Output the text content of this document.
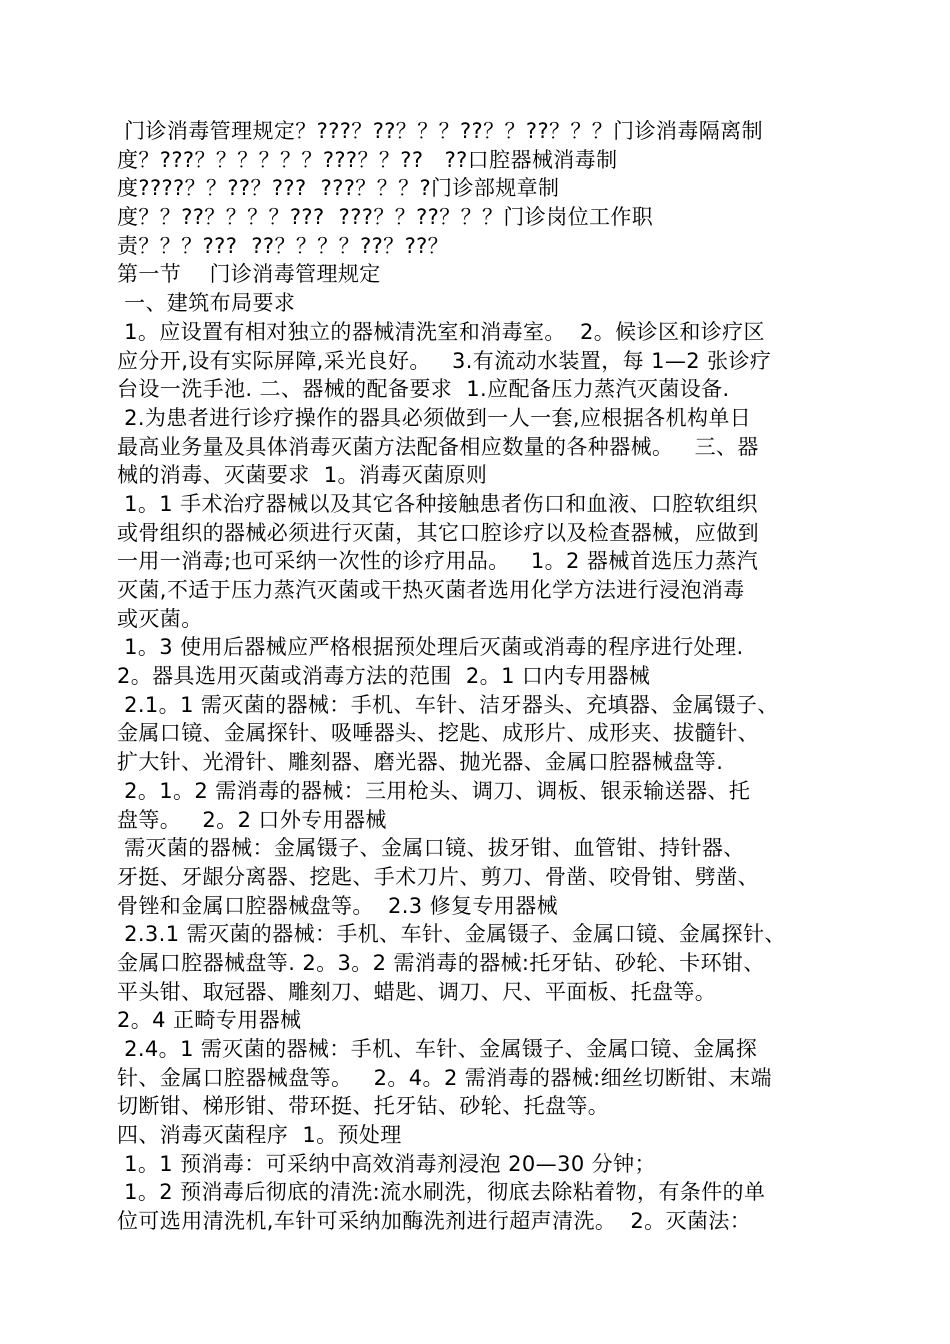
门诊消毒管理规定？???？??？？？??？？??？？？门诊消毒隔离制
度？???？？？？？？???？？??   ??口腔器械消毒制
度????？？??？???  ???？？？?门诊部规章制
度？？??？？？？???  ???？？??？？？门诊岗位工作职
责？？？???  ??？？？？??？??？
第一节    门诊消毒管理规定
一、建筑布局要求
1。应设置有相对独立的器械清洗室和消毒室。  2。候诊区和诊疗区
应分开,设有实际屏障,采光良好。   3.有流动水装置，每 1—2 张诊疗
台设一洗手池. 二、器械的配备要求  1.应配备压力蒸汽灭菌设备.
2.为患者进行诊疗操作的器具必须做到一人一套,应根据各机构单日
最高业务量及具体消毒灭菌方法配备相应数量的各种器械。   三、器
械的消毒、灭菌要求  1。消毒灭菌原则
1。1 手术治疗器械以及其它各种接触患者伤口和血液、口腔软组织
或骨组织的器械必须进行灭菌，其它口腔诊疗以及检查器械，应做到
一用一消毒;也可采纳一次性的诊疗用品。   1。2 器械首选压力蒸汽
灭菌,不适于压力蒸汽灭菌或干热灭菌者选用化学方法进行浸泡消毒
或灭菌。
1。3 使用后器械应严格根据预处理后灭菌或消毒的程序进行处理.
2。器具选用灭菌或消毒方法的范围  2。1 口内专用器械
2.1。1 需灭菌的器械：手机、车针、洁牙器头、充填器、金属镊子、
金属口镜、金属探针、吸唾器头、挖匙、成形片、成形夹、拔髓针、
扩大针、光滑针、雕刻器、磨光器、抛光器、金属口腔器械盘等.
2。1。2 需消毒的器械：三用枪头、调刀、调板、银汞输送器、托
盘等。   2。2 口外专用器械
需灭菌的器械：金属镊子、金属口镜、拔牙钳、血管钳、持针器、
牙挺、牙龈分离器、挖匙、手术刀片、剪刀、骨凿、咬骨钳、劈凿、
骨锉和金属口腔器械盘等。  2.3 修复专用器械
2.3.1 需灭菌的器械：手机、车针、金属镊子、金属口镜、金属探针、
金属口腔器械盘等. 2。3。2 需消毒的器械:托牙钻、砂轮、卡环钳、
平头钳、取冠器、雕刻刀、蜡匙、调刀、尺、平面板、托盘等。
2。4 正畸专用器械
2.4。1 需灭菌的器械：手机、车针、金属镊子、金属口镜、金属探
针、金属口腔器械盘等。   2。4。2 需消毒的器械:细丝切断钳、末端
切断钳、梯形钳、带环挺、托牙钻、砂轮、托盘等。
四、消毒灭菌程序  1。预处理
1。1 预消毒：可采纳中高效消毒剂浸泡 20—30 分钟；
1。2 预消毒后彻底的清洗:流水刷洗，彻底去除粘着物，有条件的单
位可选用清洗机,车针可采纳加酶洗剂进行超声清洗。  2。灭菌法：
